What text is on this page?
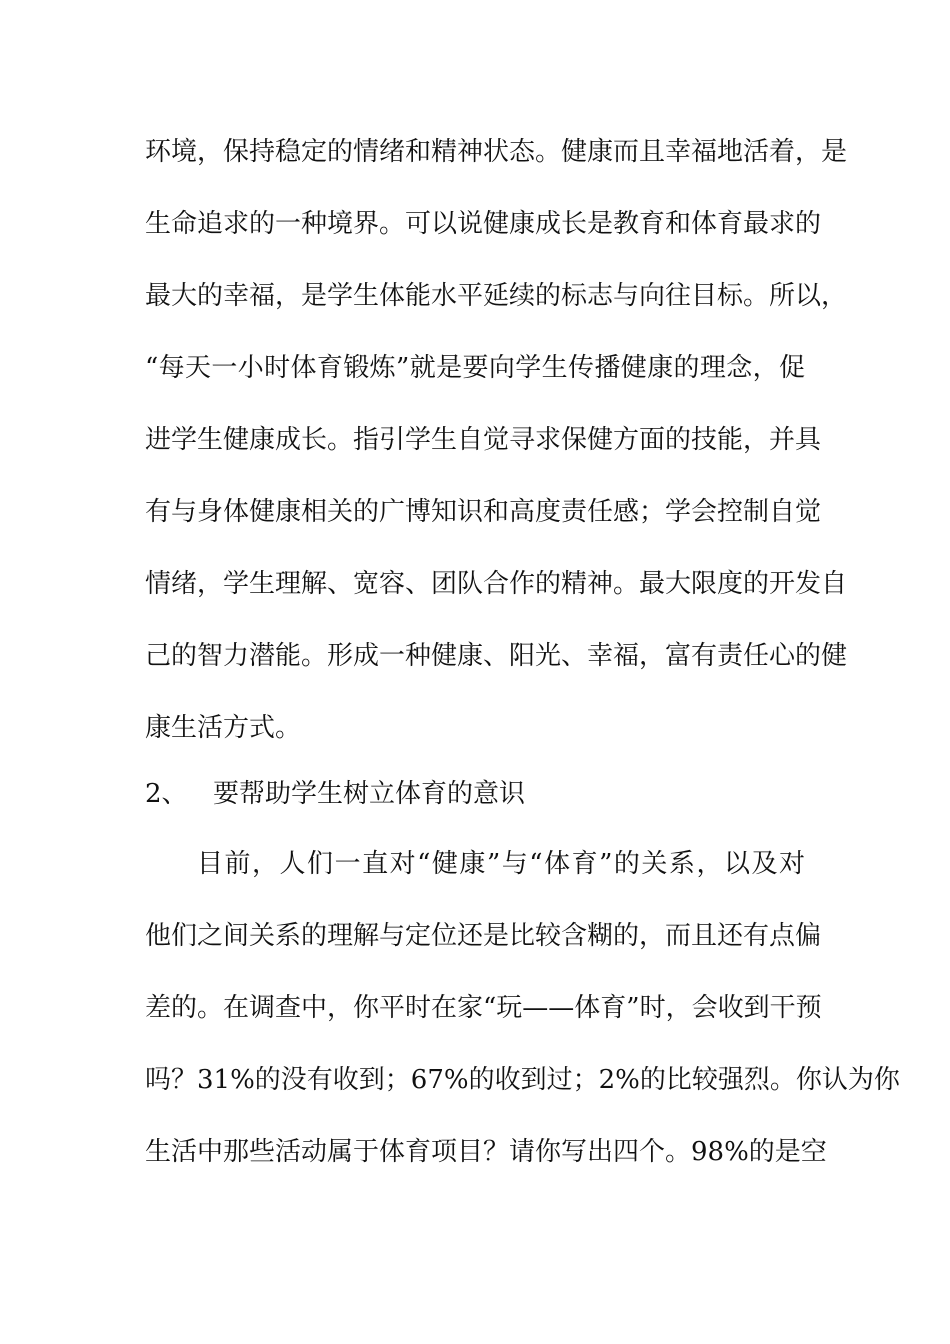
环境，保持稳定的情绪和精神状态。健康而且幸福地活着，是
生命追求的一种境界。可以说健康成长是教育和体育最求的
最大的幸福，是学生体能水平延续的标志与向往目标。所以，
“每天一小时体育锻炼”就是要向学生传播健康的理念，促
进学生健康成长。指引学生自觉寻求保健方面的技能，并具
有与身体健康相关的广博知识和高度责任感；学会控制自觉
情绪，学生理解、宽容、团队合作的精神。最大限度的开发自
己的智力潜能。形成一种健康、阳光、幸福，富有责任心的健
康生活方式。
2、 要帮助学生树立体育的意识
目前，人们一直对“健康”与“体育”的关系，以及对
他们之间关系的理解与定位还是比较含糊的，而且还有点偏
差的。在调查中，你平时在家“玩——体育”时，会收到干预
吗？31%的没有收到；67%的收到过；2%的比较强烈。你认为你
生活中那些活动属于体育项目？请你写出四个。98%的是空
